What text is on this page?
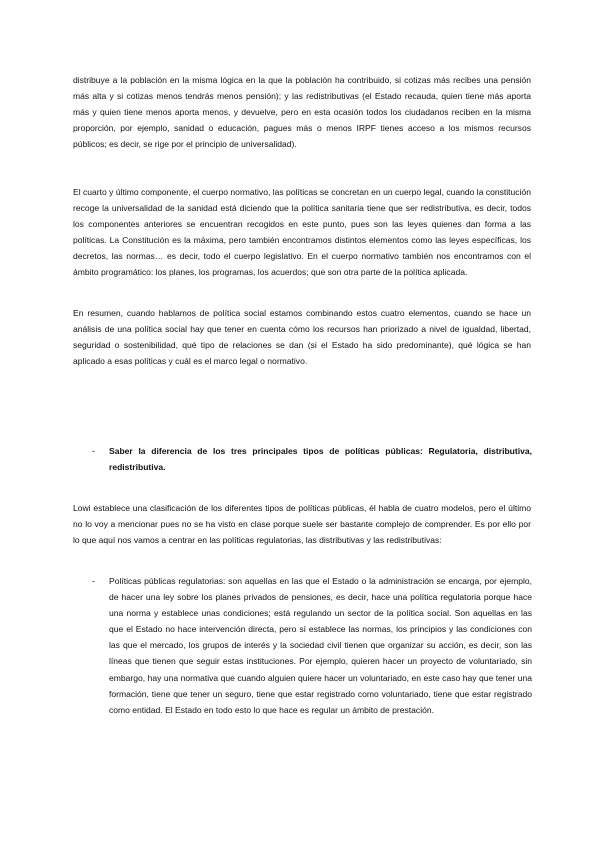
distribuye a la población en la misma lógica en la que la población ha contribuido, si cotizas más recibes una pensión más alta y si cotizas menos tendrás menos pensión); y las redistributivas (el Estado recauda, quien tiene más aporta más y quien tiene menos aporta menos, y devuelve, pero en esta ocasión todos los ciudadanos reciben en la misma proporción, por ejemplo, sanidad o educación, pagues más o menos IRPF tienes acceso a los mismos recursos públicos; es decir, se rige por el principio de universalidad).

El cuarto y último componente, el cuerpo normativo, las políticas se concretan en un cuerpo legal, cuando la constitución recoge la universalidad de la sanidad está diciendo que la política sanitaria tiene que ser redistributiva, es decir, todos los componentes anteriores se encuentran recogidos en este punto, pues son las leyes quienes dan forma a las políticas. La Constitución es la máxima, pero también encontramos distintos elementos como las leyes específicas, los decretos, las normas… es decir, todo el cuerpo legislativo. En el cuerpo normativo también nos encontramos con el ámbito programático: los planes, los programas, los acuerdos; que son otra parte de la política aplicada.

En resumen, cuando hablamos de política social estamos combinando estos cuatro elementos, cuando se hace un análisis de una política social hay que tener en cuenta cómo los recursos han priorizado a nivel de igualdad, libertad, seguridad o sostenibilidad, qué tipo de relaciones se dan (si el Estado ha sido predominante), qué lógica se han aplicado a esas políticas y cuál es el marco legal o normativo.

- Saber la diferencia de los tres principales tipos de políticas públicas: Regulatoria, distributiva, redistributiva.

Lowi establece una clasificación de los diferentes tipos de políticas públicas, él habla de cuatro modelos, pero el último no lo voy a mencionar pues no se ha visto en clase porque suele ser bastante complejo de comprender. Es por ello por lo que aquí nos vamos a centrar en las políticas regulatorias, las distributivas y las redistributivas:

- Políticas públicas regulatorias: son aquellas en las que el Estado o la administración se encarga, por ejemplo, de hacer una ley sobre los planes privados de pensiones, es decir, hace una política regulatoria porque hace una norma y establece unas condiciones; está regulando un sector de la política social. Son aquellas en las que el Estado no hace intervención directa, pero sí establece las normas, los principios y las condiciones con las que el mercado, los grupos de interés y la sociedad civil tienen que organizar su acción, es decir, son las líneas que tienen que seguir estas instituciones. Por ejemplo, quieren hacer un proyecto de voluntariado, sin embargo, hay una normativa que cuando alguien quiere hacer un voluntariado, en este caso hay que tener una formación, tiene que tener un seguro, tiene que estar registrado como voluntariado, tiene que estar registrado como entidad. El Estado en todo esto lo que hace es regular un ámbito de prestación.
